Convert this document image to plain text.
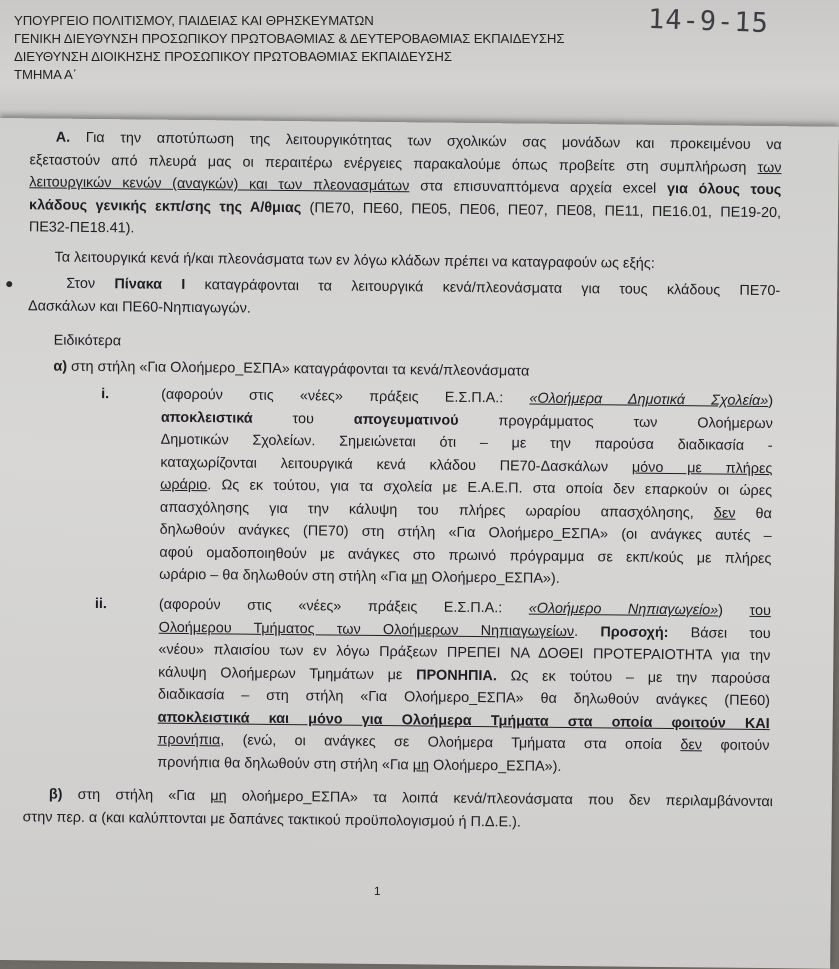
ΥΠΟΥΡΓΕΙΟ ΠΟΛΙΤΙΣΜΟΥ, ΠΑΙΔΕΙΑΣ ΚΑΙ ΘΡΗΣΚΕΥΜΑΤΩΝ
ΓΕΝΙΚΗ ΔΙΕΥΘΥΝΣΗ ΠΡΟΣΩΠΙΚΟΥ ΠΡΩΤΟΒΑΘΜΙΑΣ & ΔΕΥΤΕΡΟΒΑΘΜΙΑΣ ΕΚΠΑΙΔΕΥΣΗΣ
ΔΙΕΥΘΥΝΣΗ ΔΙΟΙΚΗΣΗΣ ΠΡΟΣΩΠΙΚΟΥ ΠΡΩΤΟΒΑΘΜΙΑΣ ΕΚΠΑΙΔΕΥΣΗΣ
ΤΜΗΜΑ Α΄
14-9-15
Α. Για την αποτύπωση της λειτουργικότητας των σχολικών σας μονάδων και προκειμένου να
εξεταστούν από πλευρά μας οι περαιτέρω ενέργειες παρακαλούμε όπως προβείτε στη συμπλήρωση των
λειτουργικών κενών (αναγκών) και των πλεονασμάτων στα επισυναπτόμενα αρχεία excel για όλους τους
κλάδους γενικής εκπ/σης της Α/θμιας (ΠΕ70, ΠΕ60, ΠΕ05, ΠΕ06, ΠΕ07, ΠΕ08, ΠΕ11, ΠΕ16.01, ΠΕ19-20,
ΠΕ32-ΠΕ18.41).
Τα λειτουργικά κενά ή/και πλεονάσματα των εν λόγω κλάδων πρέπει να καταγραφούν ως εξής:
Στον Πίνακα Ι καταγράφονται τα λειτουργικά κενά/πλεονάσματα για τους κλάδους ΠΕ70-
Δασκάλων και ΠΕ60-Νηπιαγωγών.
Ειδικότερα
α) στη στήλη «Για Ολοήμερο_ΕΣΠΑ» καταγράφονται τα κενά/πλεονάσματα
i.	(αφορούν στις «νέες» πράξεις Ε.Σ.Π.Α.: «Ολοήμερα Δημοτικά Σχολεία»)
αποκλειστικά του απογευματινού προγράμματος των Ολοήμερων
Δημοτικών Σχολείων. Σημειώνεται ότι – με την παρούσα διαδικασία -
καταχωρίζονται λειτουργικά κενά κλάδου ΠΕ70-Δασκάλων μόνο με πλήρες
ωράριο. Ως εκ τούτου, για τα σχολεία με Ε.Α.Ε.Π. στα οποία δεν επαρκούν οι ώρες
απασχόλησης για την κάλυψη του πλήρες ωραρίου απασχόλησης, δεν θα
δηλωθούν ανάγκες (ΠΕ70) στη στήλη «Για Ολοήμερο_ΕΣΠΑ» (οι ανάγκες αυτές –
αφού ομαδοποιηθούν με ανάγκες στο πρωινό πρόγραμμα σε εκπ/κούς με πλήρες
ωράριο – θα δηλωθούν στη στήλη «Για μη Ολοήμερο_ΕΣΠΑ»).
ii.	(αφορούν στις «νέες» πράξεις Ε.Σ.Π.Α.: «Ολοήμερο Νηπιαγωγείο») του
Ολοήμερου Τμήματος των Ολοήμερων Νηπιαγωγείων. Προσοχή: Βάσει του
«νέου» πλαισίου των εν λόγω Πράξεων ΠΡΕΠΕΙ ΝΑ ΔΟΘΕΙ ΠΡΟΤΕΡΑΙΟΤΗΤΑ για την
κάλυψη Ολοήμερων Τμημάτων με ΠΡΟΝΗΠΙΑ. Ως εκ τούτου – με την παρούσα
διαδικασία – στη στήλη «Για Ολοήμερο_ΕΣΠΑ» θα δηλωθούν ανάγκες (ΠΕ60)
αποκλειστικά και μόνο για Ολοήμερα Τμήματα στα οποία φοιτούν ΚΑΙ
προνήπια, (ενώ, οι ανάγκες σε Ολοήμερα Τμήματα στα οποία δεν φοιτούν
προνήπια θα δηλωθούν στη στήλη «Για μη Ολοήμερο_ΕΣΠΑ»).
β) στη στήλη «Για μη ολοήμερο_ΕΣΠΑ» τα λοιπά κενά/πλεονάσματα που δεν περιλαμβάνονται
στην περ. α (και καλύπτονται με δαπάνες τακτικού προϋπολογισμού ή Π.Δ.Ε.).
1
